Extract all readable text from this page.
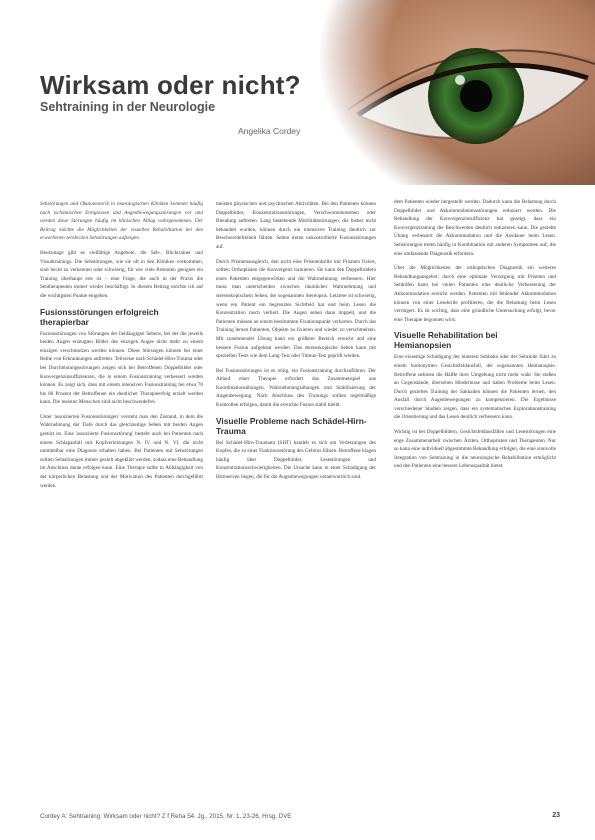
Wirksam oder nicht?
Sehtraining in der Neurologie

Angelika Cordey

Sehstörungen und Okulomotorik in neurologischen Kliniken kommen häufig nach ischämischen Ereignissen und Augenbewegungsstörungen vor und werden diese Störungen häufig im klinischen Alltag wahrgenommen. Der Beitrag möchte die Möglichkeiten der visuellen Rehabilitation bei den erworbenen zerebralen Sehstörungen aufzeigen.

Heutzutage gibt es vielfältige Angebote, die Seh-, Blicktrainer und Visualtrainings. Die Sehstörungen, wie sie oft in den Kliniken vorkommen, sind leicht zu verkennen oder schwierig, für wie viele Patienten geeignet ein Training überhaupt erst ist – eine Frage, die auch in der Praxis die Sehtherapeuten immer wieder beschäftigt. In diesem Beitrag möchte ich auf die wichtigsten Punkte eingehen.

Fusionsstörungen erfolgreich therapierbar

Fusionsstörungen von Störungen der beidäugigen Sehens, bei der die jeweils beiden Augen erzeugten Bilder des einzigen Auges nicht mehr zu einem einzigen verschmolzen werden können. Diese Störungen können bei einer Reihe von Erkrankungen auftreten. Teilweise nach Schädel-Hirn-Trauma oder bei Durchblutungsstörungen zeigen sich bei Betroffenen Doppelbilder oder Konvergenzinsuffizienzen, die in einem Fusionstraining verbessert werden können. Es zeigt sich, dass mit einem intensiven Fusionstraining bei etwa 70 bis 80 Prozent der Betroffenen ein deutlicher Therapieerfolg erzielt werden kann. Die meisten Menschen sind nicht beschwerdefrei.

Unter 'assoziierten Fusionsstörungen' versteht man den Zustand, in dem die Wahrnehmung der Tiefe durch das gleichzeitige Sehen mit beiden Augen gestört ist. Eine 'assoziierte Fusionsstörung' besteht auch bei Patienten nach einem Schlaganfall mit Kopfverletzungen N. IV und N. VI, die nicht unmittelbar eine Diagnose erhalten haben. Bei Patienten mit Sehstörungen sollten Sehstörungen immer gezielt abgeklärt werden, sodass eine Behandlung im Anschluss daran erfolgen kann. Eine Therapie sollte in Abhängigkeit von der körperlichen Belastung und der Motivation des Patienten durchgeführt werden.

meisten physischen und psychischen Aktivitäten. Bei den Patienten können Doppelbilder, Konzentrationsstörungen, Verschwommensehen oder Blendung auftreten. Lang bestehende Motilitätsstörungen, die bisher nicht behandelt wurden, können durch ein intensives Training deutlich zur Beschwerdefreiheit führen. Selten treten unkontrollierte Fusionsstörungen auf.

Durch Prismenausgleich, den nicht eine Prismenbrille mit Prismen fixiert, sollten Orthoptisten die Konvergenz trainieren. Sie kann den Doppelbildern eines Patienten entgegenwirken und die Wahrnehmung verbessern. Hier muss man unterscheiden zwischen räumlicher Wahrnehmung und stereoskopischem Sehen, der sogenannten Stereopsis. Letztere ist schwierig, wenn ein Patient ein begrenztes Sichtfeld hat und beim Lesen die Konzentration rasch verliert. Die Augen sehen dann doppelt, und die Patienten müssen an einem bestimmten Fixationspunkt verharren. Durch das Training lernen Patienten, Objekte zu fixieren und wieder zu verschmelzen. Mit zunehmender Übung kann ein größerer Bereich erreicht und eine bessere Fusion aufgebaut werden. Das stereoskopische Sehen kann mit speziellen Tests wie dem Lang-Test oder Titmus-Test geprüft werden.

Bei Fusionsstörungen ist es nötig, ein Fusionstraining durchzuführen. Der Ablauf einer Therapie erfordert das Zusammenspiel aus Koordinationsübungen, Wahrnehmungsübungen und Stabilisierung der Augenbewegung. Nach Abschluss des Trainings sollten regelmäßige Kontrollen erfolgen, damit die erreichte Fusion stabil bleibt.

Visuelle Probleme nach Schädel-Hirn-Trauma

Bei Schädel-Hirn-Traumata (SHT) handelt es sich um Verletzungen des Kopfes, die zu einer Funktionsstörung des Gehirns führen. Betroffene klagen häufig über Doppelbilder, Lesestörungen und Konzentrationsschwierigkeiten. Die Ursache kann in einer Schädigung der Hirnnerven liegen, die für die Augenbewegungen verantwortlich sind.

dem Patienten wieder hergestellt werden. Dadurch kann die Belastung durch Doppelbilder und Akkommodationsstörungen reduziert werden. Die Behandlung der Konvergenzinsuffizienz hat gezeigt, dass ein Konvergenztraining die Beschwerden deutlich reduzieren kann. Die gezielte Übung verbessert die Akkommodation und die Ausdauer beim Lesen. Sehstörungen treten häufig in Kombination mit anderen Symptomen auf, die eine umfassende Diagnostik erfordern.

Über die Möglichkeiten der orthoptischen Diagnostik ein weiteres Behandlungsangebot: durch eine optimale Versorgung mit Prismen und Sehhilfen kann bei vielen Patienten eine deutliche Verbesserung der Akkommodation erreicht werden. Patienten mit fehlender Akkommodation können von einer Lesebrille profitieren, die die Belastung beim Lesen verringert. Es ist wichtig, dass eine gründliche Untersuchung erfolgt, bevor eine Therapie begonnen wird.

Visuelle Rehabilitation bei Hemianopsien

Eine einseitige Schädigung der hinteren Sehbahn oder der Sehrinde führt zu einem homonymen Gesichtsfeldausfall, der sogenannten Hemianopsie. Betroffene nehmen die Hälfte ihrer Umgebung nicht mehr wahr. Sie stoßen an Gegenstände, übersehen Hindernisse und haben Probleme beim Lesen. Durch gezieltes Training der Sakkaden können die Patienten lernen, den Ausfall durch Augenbewegungen zu kompensieren. Die Ergebnisse verschiedener Studien zeigen, dass ein systematisches Explorationstraining die Orientierung und das Lesen deutlich verbessern kann.

Wichtig ist bei Doppelbildern, Gesichtsfeldausfällen und Lesestörungen eine enge Zusammenarbeit zwischen Ärzten, Orthoptisten und Therapeuten. Nur so kann eine individuell abgestimmte Behandlung erfolgen, die eine sinnvolle Integration von Sehtraining in die neurologische Rehabilitation ermöglicht und den Patienten eine bessere Lebensqualität bietet.

Cordey A: Sehtraining: Wirksam oder nicht? Z f Reha 54. Jg., 2015, Nr. 1, 23-26, Hrsg. DVE	23
